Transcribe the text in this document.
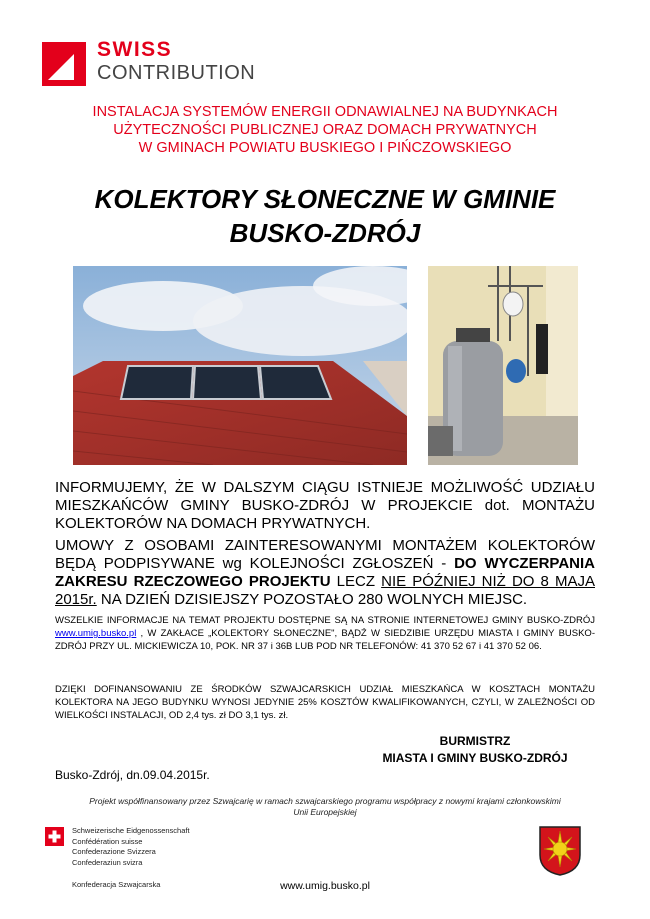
SWISS
CONTRIBUTION
INSTALACJA SYSTEMÓW ENERGII ODNAWIALNEJ NA BUDYNKACH
UŻYTECZNOŚCI PUBLICZNEJ ORAZ DOMACH PRYWATNYCH
W GMINACH POWIATU BUSKIEGO I PIŃCZOWSKIEGO
KOLEKTORY SŁONECZNE W GMINIE
BUSKO-ZDRÓJ
INFORMUJEMY, ŻE W DALSZYM CIĄGU ISTNIEJE MOŻLIWOŚĆ UDZIAŁU MIESZKAŃCÓW GMINY BUSKO-ZDRÓJ W PROJEKCIE dot. MONTAŻU KOLEKTORÓW NA DOMACH PRYWATNYCH.
UMOWY Z OSOBAMI ZAINTERESOWANYMI MONTAŻEM KOLEKTORÓW BĘDĄ PODPISYWANE wg KOLEJNOŚCI ZGŁOSZEŃ - DO WYCZERPANIA ZAKRESU RZECZOWEGO PROJEKTU LECZ NIE PÓŹNIEJ NIŻ DO 8 MAJA 2015r. NA DZIEŃ DZISIEJSZY POZOSTAŁO 280 WOLNYCH MIEJSC.
WSZELKIE INFORMACJE NA TEMAT PROJEKTU DOSTĘPNE SĄ NA STRONIE INTERNETOWEJ GMINY BUSKO-ZDRÓJ www.umig.busko.pl , W ZAKŁACE „KOLEKTORY SŁONECZNE", BĄDŹ W SIEDZIBIE URZĘDU MIASTA I GMINY BUSKO-ZDRÓJ PRZY UL. MICKIEWICZA 10, POK. NR 37 i 36B LUB POD NR TELEFONÓW: 41 370 52 67 i 41 370 52 06.
DZIĘKI DOFINANSOWANIU ZE ŚRODKÓW SZWAJCARSKICH UDZIAŁ MIESZKAŃCA W KOSZTACH MONTAŻU KOLEKTORA NA JEGO BUDYNKU WYNOSI JEDYNIE 25% KOSZTÓW KWALIFIKOWANYCH, CZYLI, W ZALEŻNOŚCI OD WIELKOŚCI INSTALACJI, OD 2,4 tys. zł DO 3,1 tys. zł.
BURMISTRZ
MIASTA I GMINY BUSKO-ZDRÓJ
Busko-Zdrój, dn.09.04.2015r.
Projekt współfinansowany przez Szwajcarię w ramach szwajcarskiego programu współpracy z nowymi krajami członkowskimi
Unii Europejskiej
Schweizerische Eidgenossenschaft
Confédération suisse
Confederazione Svizzera
Confederaziun svizra
Konfederacja Szwajcarska	www.umig.busko.pl
